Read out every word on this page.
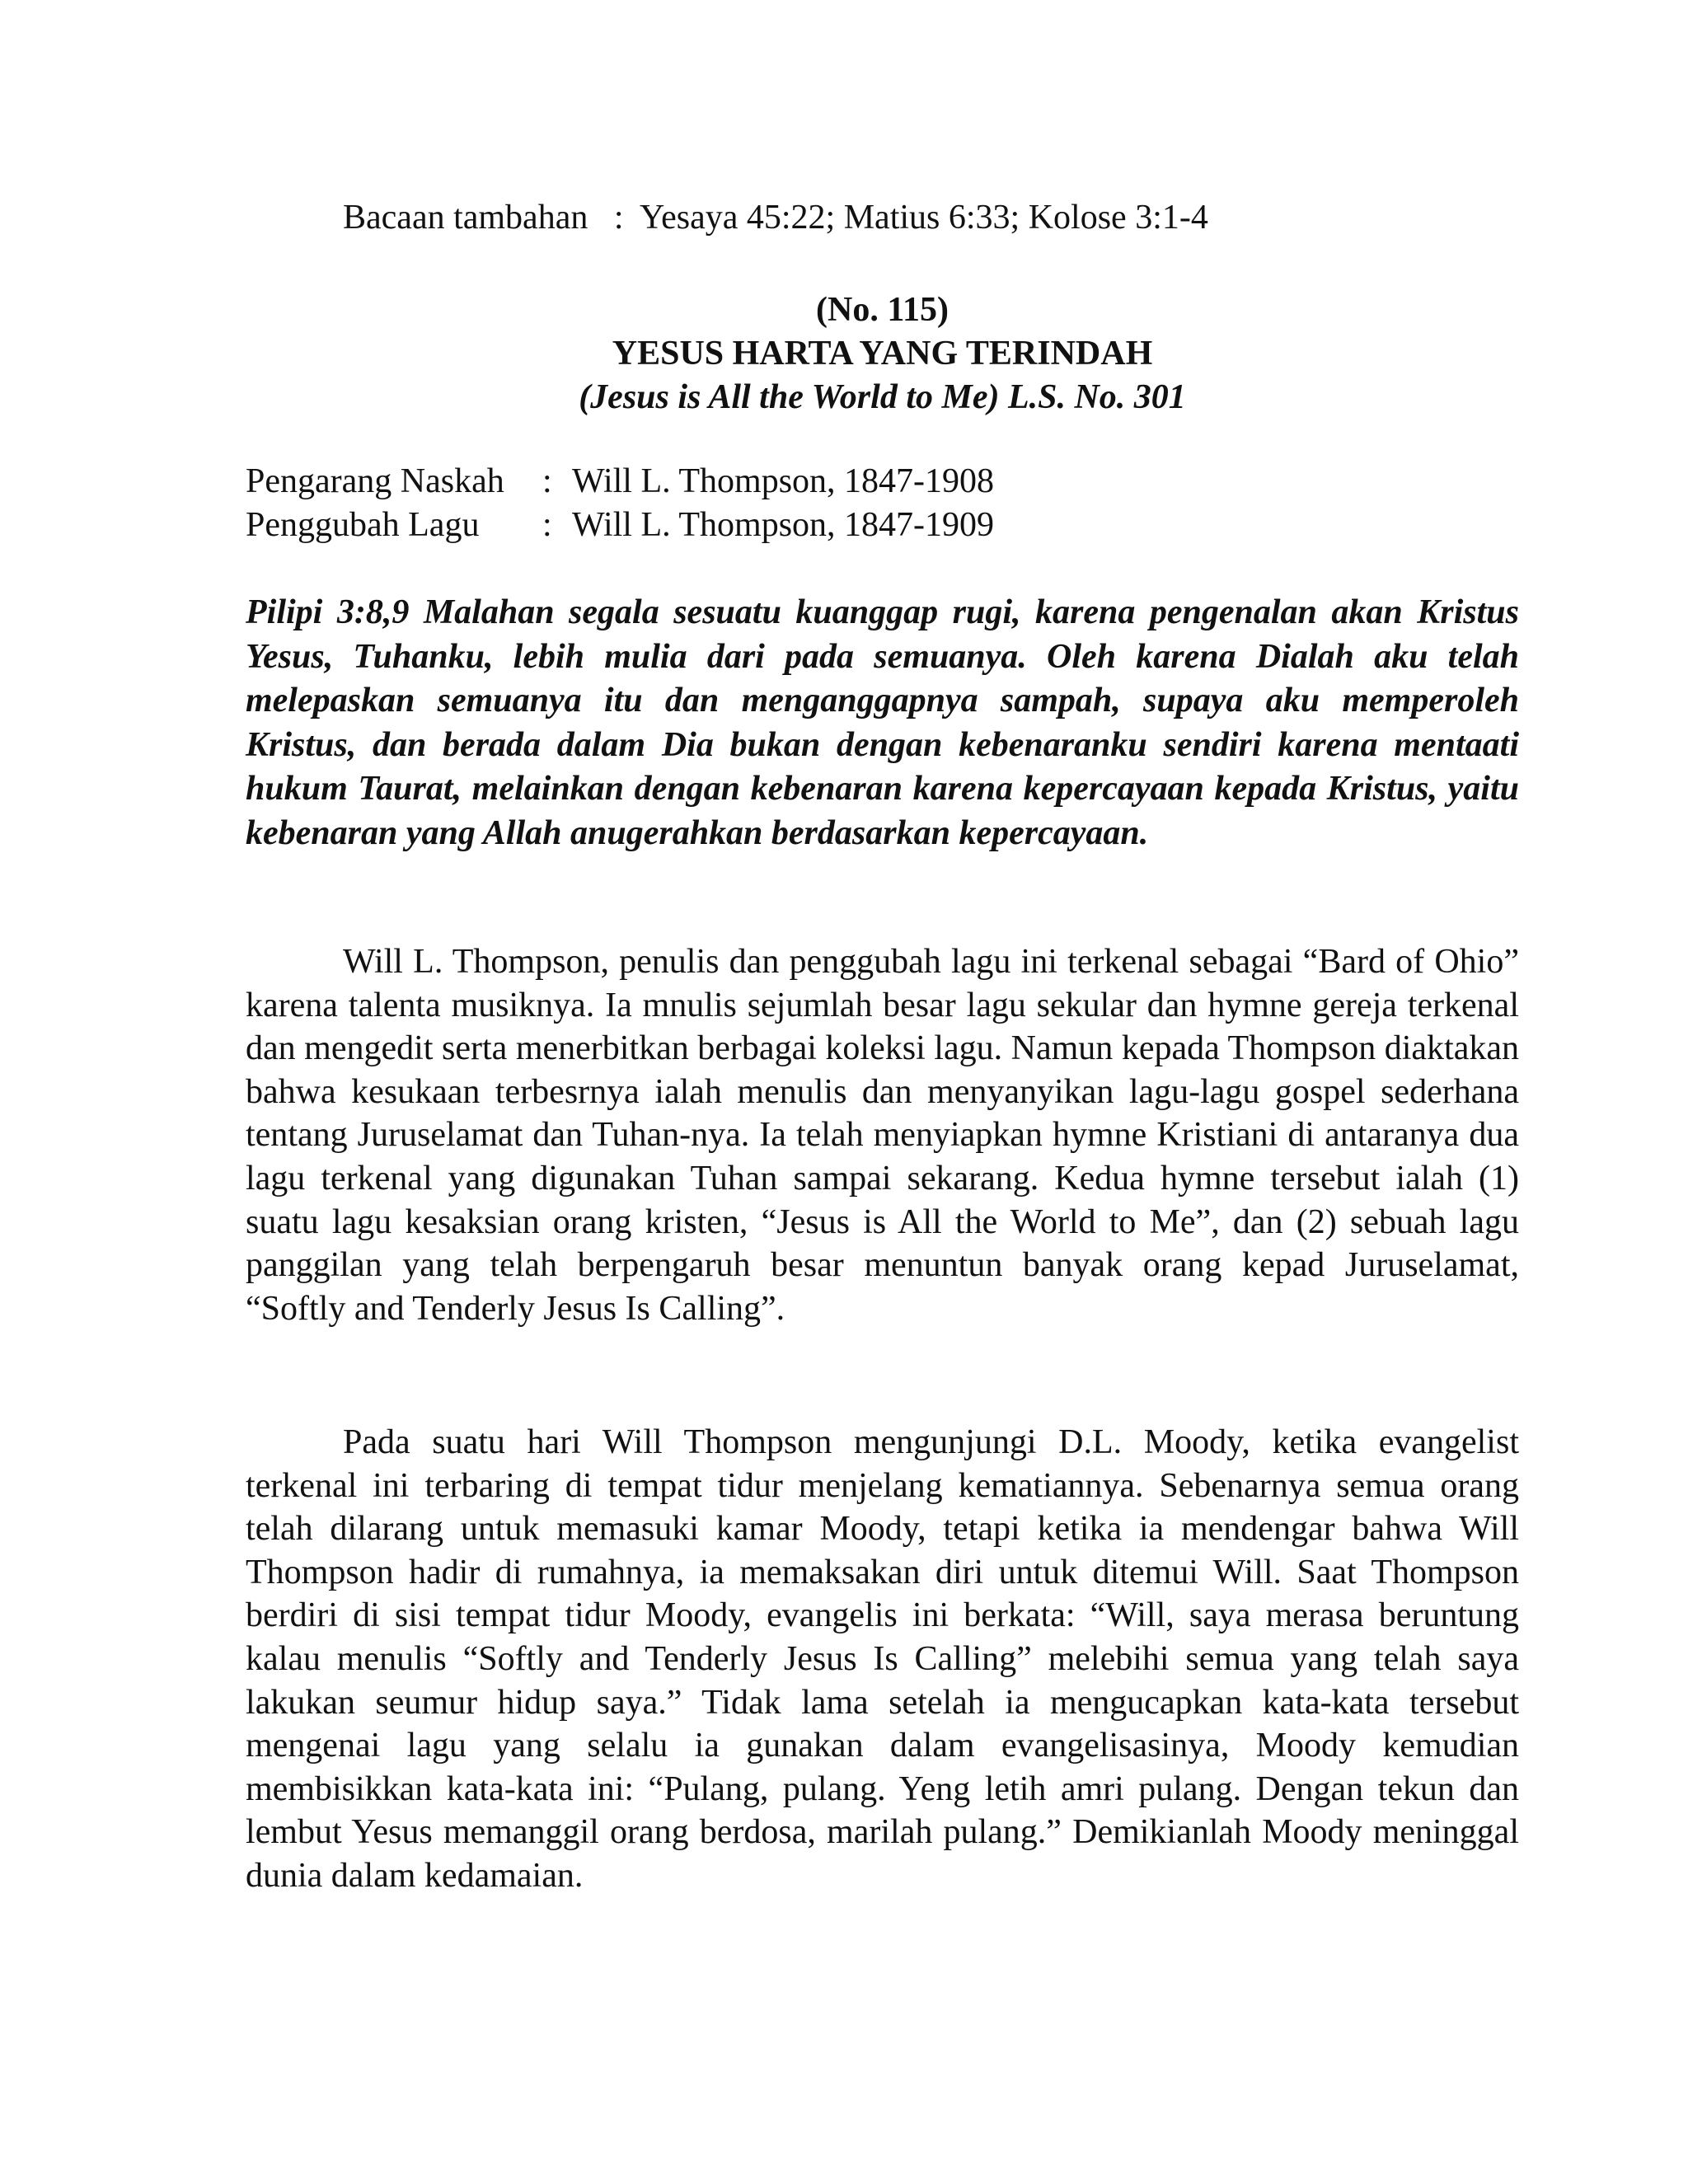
Bacaan tambahan : Yesaya 45:22; Matius 6:33; Kolose 3:1-4
(No. 115)
YESUS HARTA YANG TERINDAH
(Jesus is All the World to Me) L.S. No. 301
Pengarang Naskah	: Will L. Thompson, 1847-1908
Penggubah Lagu	: Will L. Thompson, 1847-1909

Pilipi 3:8,9 Malahan segala sesuatu kuanggap rugi, karena pengenalan akan Kristus Yesus, Tuhanku, lebih mulia dari pada semuanya. Oleh karena Dialah aku telah melepaskan semuanya itu dan menganggapnya sampah, supaya aku memperoleh Kristus, dan berada dalam Dia bukan dengan kebenaranku sendiri karena mentaati hukum Taurat, melainkan dengan kebenaran karena kepercayaan kepada Kristus, yaitu kebenaran yang Allah anugerahkan berdasarkan kepercayaan.

Will L. Thompson, penulis dan penggubah lagu ini terkenal sebagai “Bard of Ohio” karena talenta musiknya. Ia mnulis sejumlah besar lagu sekular dan hymne gereja terkenal dan mengedit serta menerbitkan berbagai koleksi lagu. Namun kepada Thompson diaktakan bahwa kesukaan terbesrnya ialah menulis dan menyanyikan lagu-lagu gospel sederhana tentang Juruselamat dan Tuhan-nya. Ia telah menyiapkan hymne Kristiani di antaranya dua lagu terkenal yang digunakan Tuhan sampai sekarang. Kedua hymne tersebut ialah (1) suatu lagu kesaksian orang kristen, “Jesus is All the World to Me”, dan (2) sebuah lagu panggilan yang telah berpengaruh besar menuntun banyak orang kepad Juruselamat, “Softly and Tenderly Jesus Is Calling”.

Pada suatu hari Will Thompson mengunjungi D.L. Moody, ketika evangelist terkenal ini terbaring di tempat tidur menjelang kematiannya. Sebenarnya semua orang telah dilarang untuk memasuki kamar Moody, tetapi ketika ia mendengar bahwa Will Thompson hadir di rumahnya, ia memaksakan diri untuk ditemui Will. Saat Thompson berdiri di sisi tempat tidur Moody, evangelis ini berkata: “Will, saya merasa beruntung kalau menulis “Softly and Tenderly Jesus Is Calling” melebihi semua yang telah saya lakukan seumur hidup saya.” Tidak lama setelah ia mengucapkan kata-kata tersebut mengenai lagu yang selalu ia gunakan dalam evangelisasinya, Moody kemudian membisikkan kata-kata ini: “Pulang, pulang. Yeng letih amri pulang. Dengan tekun dan lembut Yesus memanggil orang berdosa, marilah pulang.” Demikianlah Moody meninggal dunia dalam kedamaian.
